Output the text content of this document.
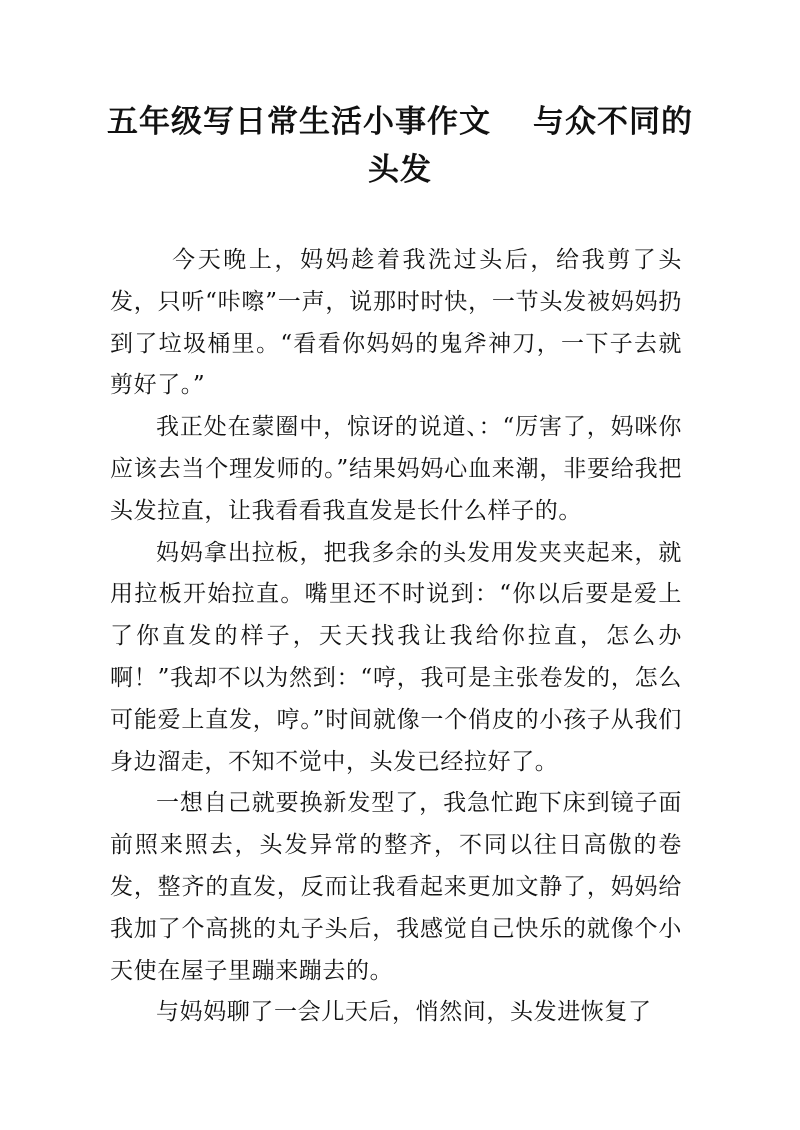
五年级写日常生活小事作文 与众不同的头发

今天晚上，妈妈趁着我洗过头后，给我剪了头发，只听“咔嚓”一声，说那时时快，一节头发被妈妈扔到了垃圾桶里。“看看你妈妈的鬼斧神刀，一下子去就剪好了。”

我正处在蒙圈中，惊讶的说道、：“厉害了，妈咪你应该去当个理发师的。”结果妈妈心血来潮，非要给我把头发拉直，让我看看我直发是长什么样子的。

妈妈拿出拉板，把我多余的头发用发夹夹起来，就用拉板开始拉直。嘴里还不时说到：“你以后要是爱上了你直发的样子，天天找我让我给你拉直，怎么办啊！”我却不以为然到：“哼，我可是主张卷发的，怎么可能爱上直发，哼。”时间就像一个俏皮的小孩子从我们身边溜走，不知不觉中，头发已经拉好了。

一想自己就要换新发型了，我急忙跑下床到镜子面前照来照去，头发异常的整齐，不同以往日高傲的卷发，整齐的直发，反而让我看起来更加文静了，妈妈给我加了个高挑的丸子头后，我感觉自己快乐的就像个小天使在屋子里蹦来蹦去的。

与妈妈聊了一会儿天后，悄然间，头发进恢复了
